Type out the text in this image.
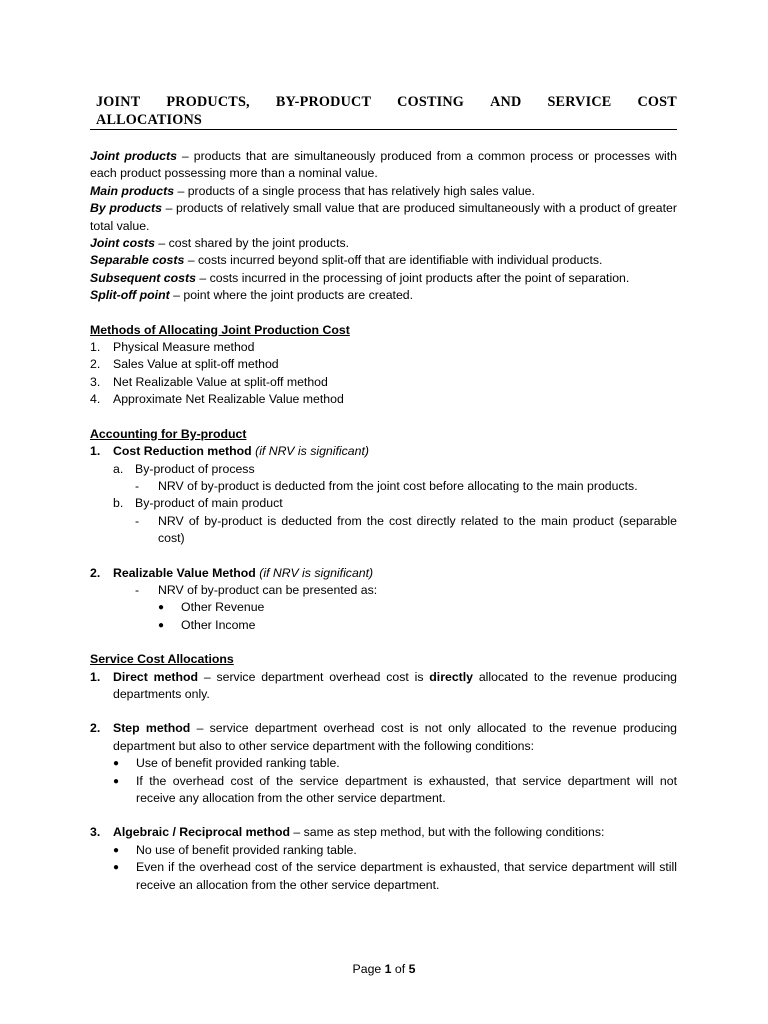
JOINT PRODUCTS, BY-PRODUCT COSTING AND SERVICE COST
ALLOCATIONS
Joint products – products that are simultaneously produced from a common process or processes with each product possessing more than a nominal value.
Main products – products of a single process that has relatively high sales value.
By products – products of relatively small value that are produced simultaneously with a product of greater total value.
Joint costs – cost shared by the joint products.
Separable costs – costs incurred beyond split-off that are identifiable with individual products.
Subsequent costs – costs incurred in the processing of joint products after the point of separation.
Split-off point – point where the joint products are created.
Methods of Allocating Joint Production Cost
1.	Physical Measure method
2.	Sales Value at split-off method
3.	Net Realizable Value at split-off method
4.	Approximate Net Realizable Value method
Accounting for By-product
1.	Cost Reduction method (if NRV is significant)
a. By-product of process
-	NRV of by-product is deducted from the joint cost before allocating to the main products.
b. By-product of main product
-	NRV of by-product is deducted from the cost directly related to the main product (separable cost)
2.	Realizable Value Method (if NRV is significant)
-	NRV of by-product can be presented as:
●	Other Revenue
●	Other Income
Service Cost Allocations
1.	Direct method – service department overhead cost is directly allocated to the revenue producing departments only.
2.	Step method – service department overhead cost is not only allocated to the revenue producing department but also to other service department with the following conditions:
●	Use of benefit provided ranking table.
●	If the overhead cost of the service department is exhausted, that service department will not receive any allocation from the other service department.
3.	Algebraic / Reciprocal method – same as step method, but with the following conditions:
●	No use of benefit provided ranking table.
●	Even if the overhead cost of the service department is exhausted, that service department will still receive an allocation from the other service department.
Page 1 of 5
